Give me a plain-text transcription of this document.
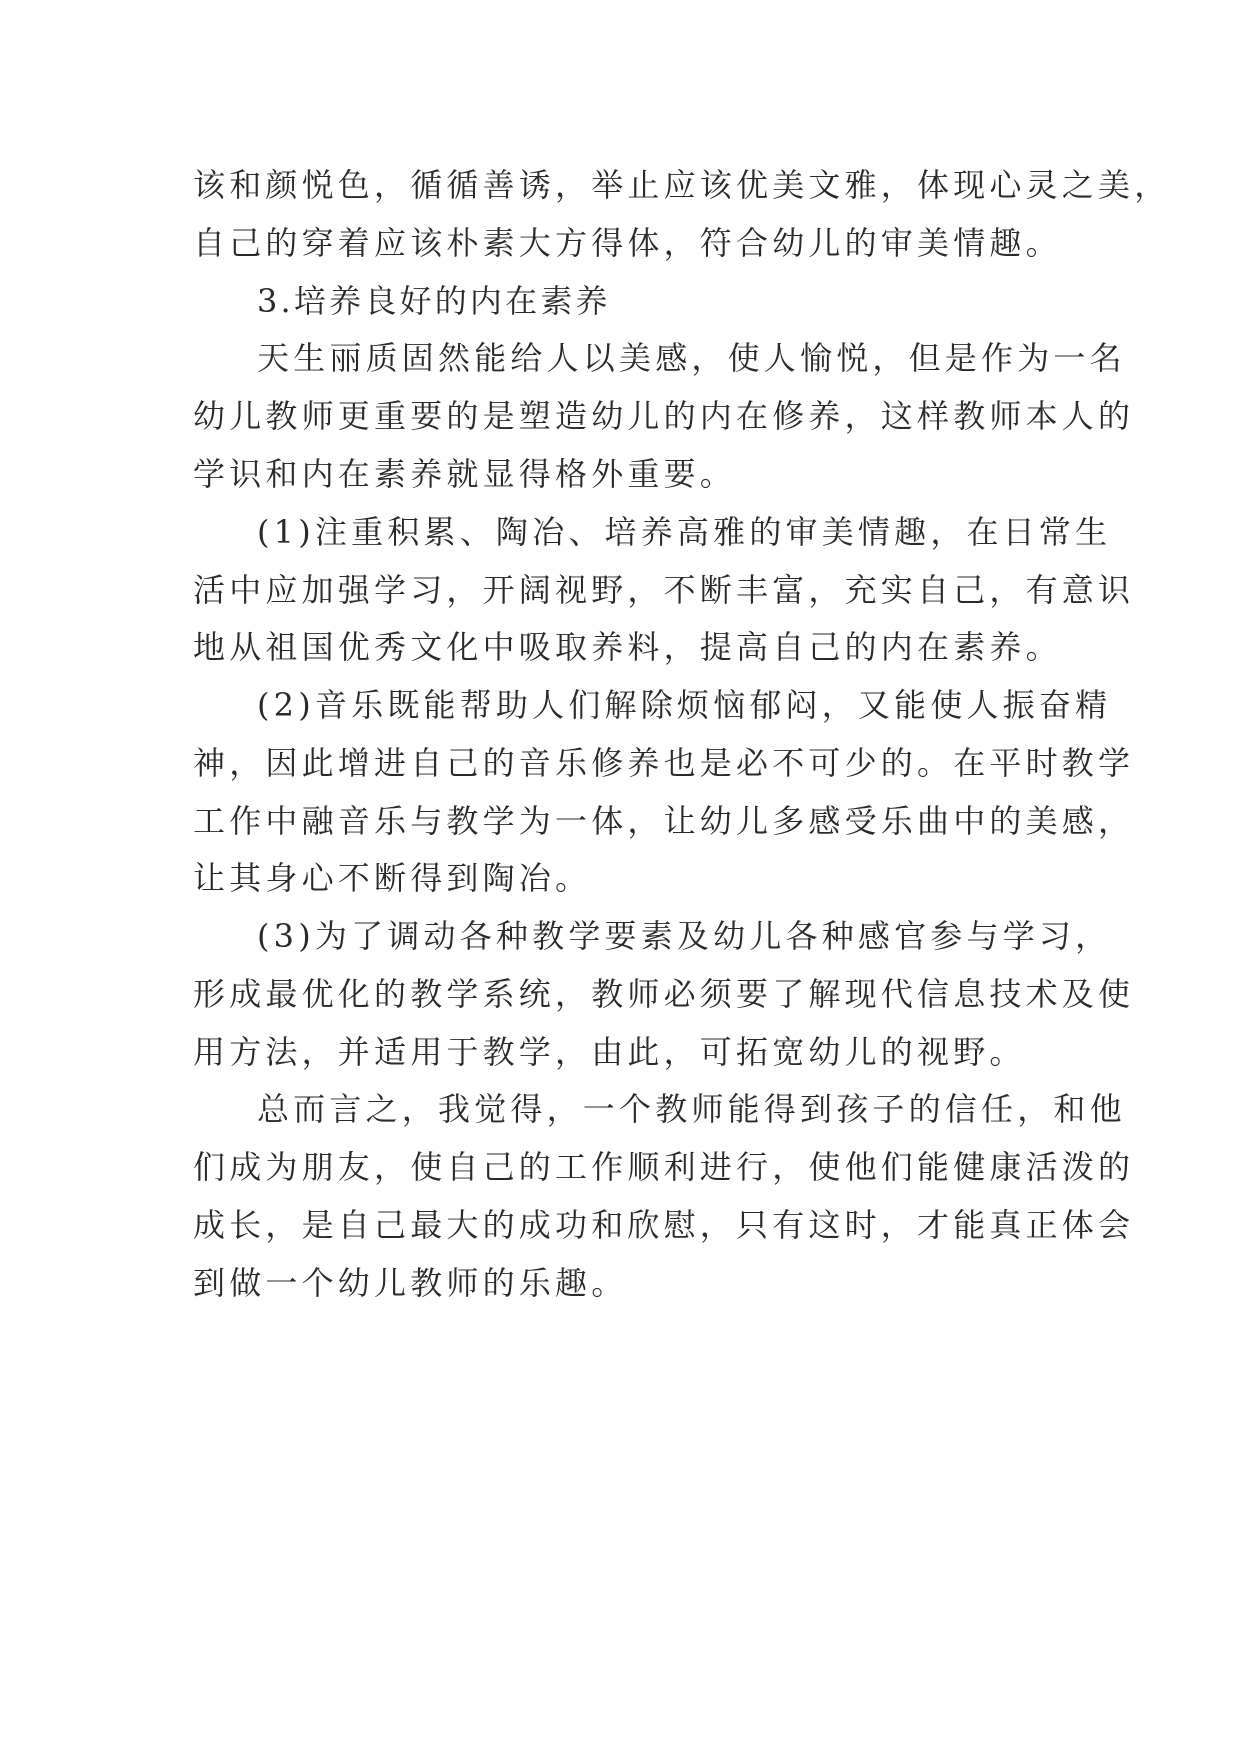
该和颜悦色，循循善诱，举止应该优美文雅，体现心灵之美，
自己的穿着应该朴素大方得体，符合幼儿的审美情趣。
3.培养良好的内在素养
天生丽质固然能给人以美感，使人愉悦，但是作为一名
幼儿教师更重要的是塑造幼儿的内在修养，这样教师本人的
学识和内在素养就显得格外重要。
(1)注重积累、陶冶、培养高雅的审美情趣，在日常生
活中应加强学习，开阔视野，不断丰富，充实自己，有意识
地从祖国优秀文化中吸取养料，提高自己的内在素养。
(2)音乐既能帮助人们解除烦恼郁闷，又能使人振奋精
神，因此增进自己的音乐修养也是必不可少的。在平时教学
工作中融音乐与教学为一体，让幼儿多感受乐曲中的美感，
让其身心不断得到陶冶。
(3)为了调动各种教学要素及幼儿各种感官参与学习，
形成最优化的教学系统，教师必须要了解现代信息技术及使
用方法，并适用于教学，由此，可拓宽幼儿的视野。
总而言之，我觉得，一个教师能得到孩子的信任，和他
们成为朋友，使自己的工作顺利进行，使他们能健康活泼的
成长，是自己最大的成功和欣慰，只有这时，才能真正体会
到做一个幼儿教师的乐趣。
